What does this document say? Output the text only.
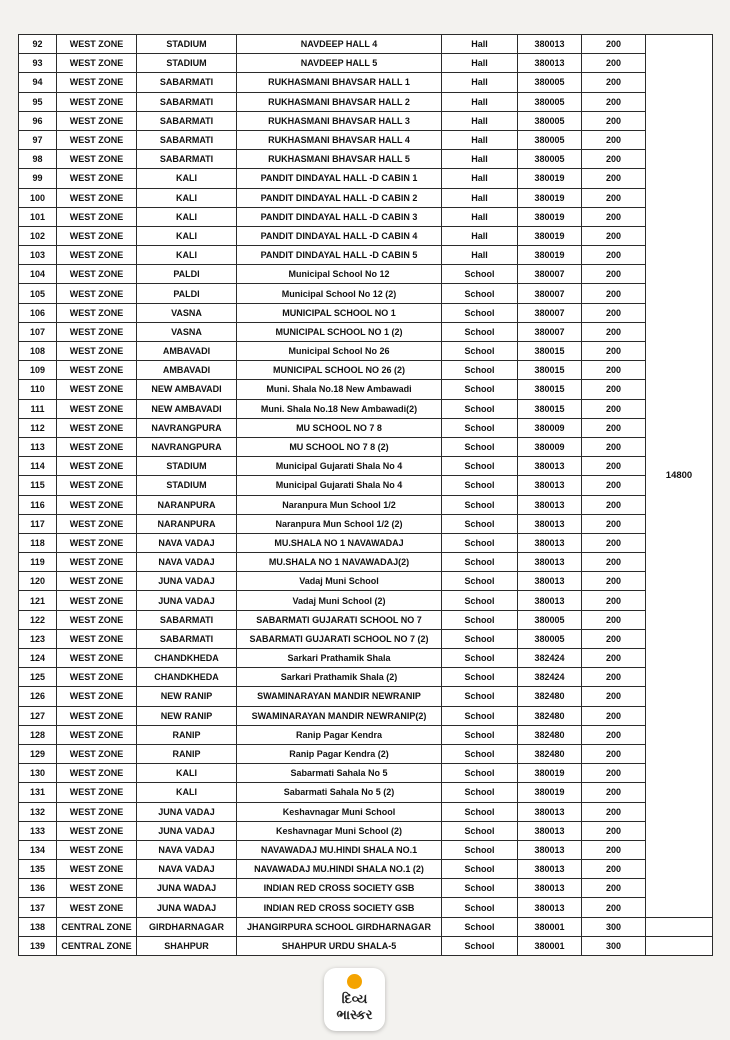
92	WEST ZONE	STADIUM	NAVDEEP HALL 4	Hall	380013	200	14800
93	WEST ZONE	STADIUM	NAVDEEP HALL 5	Hall	380013	200	
94	WEST ZONE	SABARMATI	RUKHASMANI BHAVSAR HALL 1	Hall	380005	200	
95	WEST ZONE	SABARMATI	RUKHASMANI BHAVSAR HALL 2	Hall	380005	200	
96	WEST ZONE	SABARMATI	RUKHASMANI BHAVSAR HALL 3	Hall	380005	200	
97	WEST ZONE	SABARMATI	RUKHASMANI BHAVSAR HALL 4	Hall	380005	200	
98	WEST ZONE	SABARMATI	RUKHASMANI BHAVSAR HALL 5	Hall	380005	200	
99	WEST ZONE	KALI	PANDIT DINDAYAL HALL -D CABIN 1	Hall	380019	200	
100	WEST ZONE	KALI	PANDIT DINDAYAL HALL -D CABIN 2	Hall	380019	200	
101	WEST ZONE	KALI	PANDIT DINDAYAL HALL -D CABIN 3	Hall	380019	200	
102	WEST ZONE	KALI	PANDIT DINDAYAL HALL -D CABIN 4	Hall	380019	200	
103	WEST ZONE	KALI	PANDIT DINDAYAL HALL -D CABIN 5	Hall	380019	200	
104	WEST ZONE	PALDI	Municipal School No 12	School	380007	200	
105	WEST ZONE	PALDI	Municipal School No 12 (2)	School	380007	200	
106	WEST ZONE	VASNA	MUNICIPAL SCHOOL NO 1	School	380007	200	
107	WEST ZONE	VASNA	MUNICIPAL SCHOOL NO 1 (2)	School	380007	200	
108	WEST ZONE	AMBAVADI	Municipal School No 26	School	380015	200	
109	WEST ZONE	AMBAVADI	MUNICIPAL SCHOOL NO 26 (2)	School	380015	200	
110	WEST ZONE	NEW AMBAVADI	Muni. Shala No.18 New Ambawadi	School	380015	200	
111	WEST ZONE	NEW AMBAVADI	Muni. Shala No.18 New Ambawadi(2)	School	380015	200	
112	WEST ZONE	NAVRANGPURA	MU SCHOOL NO 7 8	School	380009	200	
113	WEST ZONE	NAVRANGPURA	MU SCHOOL NO 7 8 (2)	School	380009	200	
114	WEST ZONE	STADIUM	Municipal Gujarati Shala No 4	School	380013	200	
115	WEST ZONE	STADIUM	Municipal Gujarati Shala No 4	School	380013	200	
116	WEST ZONE	NARANPURA	Naranpura Mun School 1/2	School	380013	200	
117	WEST ZONE	NARANPURA	Naranpura Mun School 1/2 (2)	School	380013	200	
118	WEST ZONE	NAVA VADAJ	MU.SHALA NO 1 NAVAWADAJ	School	380013	200	
119	WEST ZONE	NAVA VADAJ	MU.SHALA NO 1 NAVAWADAJ(2)	School	380013	200	
120	WEST ZONE	JUNA VADAJ	Vadaj Muni School	School	380013	200	
121	WEST ZONE	JUNA VADAJ	Vadaj Muni School (2)	School	380013	200	
122	WEST ZONE	SABARMATI	SABARMATI GUJARATI SCHOOL NO 7	School	380005	200	
123	WEST ZONE	SABARMATI	SABARMATI GUJARATI SCHOOL NO 7 (2)	School	380005	200	
124	WEST ZONE	CHANDKHEDA	Sarkari Prathamik Shala	School	382424	200	
125	WEST ZONE	CHANDKHEDA	Sarkari Prathamik Shala (2)	School	382424	200	
126	WEST ZONE	NEW RANIP	SWAMINARAYAN MANDIR NEWRANIP	School	382480	200	
127	WEST ZONE	NEW RANIP	SWAMINARAYAN MANDIR NEWRANIP(2)	School	382480	200	
128	WEST ZONE	RANIP	Ranip Pagar Kendra	School	382480	200	
129	WEST ZONE	RANIP	Ranip Pagar Kendra (2)	School	382480	200	
130	WEST ZONE	KALI	Sabarmati Sahala No 5	School	380019	200	
131	WEST ZONE	KALI	Sabarmati Sahala No 5 (2)	School	380019	200	
132	WEST ZONE	JUNA VADAJ	Keshavnagar Muni School	School	380013	200	
133	WEST ZONE	JUNA VADAJ	Keshavnagar Muni School (2)	School	380013	200	
134	WEST ZONE	NAVA VADAJ	NAVAWADAJ MU.HINDI SHALA NO.1	School	380013	200	
135	WEST ZONE	NAVA VADAJ	NAVAWADAJ MU.HINDI SHALA NO.1 (2)	School	380013	200	
136	WEST ZONE	JUNA WADAJ	INDIAN RED CROSS SOCIETY GSB	School	380013	200	
137	WEST ZONE	JUNA WADAJ	INDIAN RED CROSS SOCIETY GSB	School	380013	200	
138	CENTRAL ZONE	GIRDHARNAGAR	JHANGIRPURA SCHOOL GIRDHARNAGAR	School	380001	300	
139	CENTRAL ZONE	SHAHPUR	SHAHPUR URDU SHALA-5	School	380001	300	
દિવ્ય
ભાસ્કર
